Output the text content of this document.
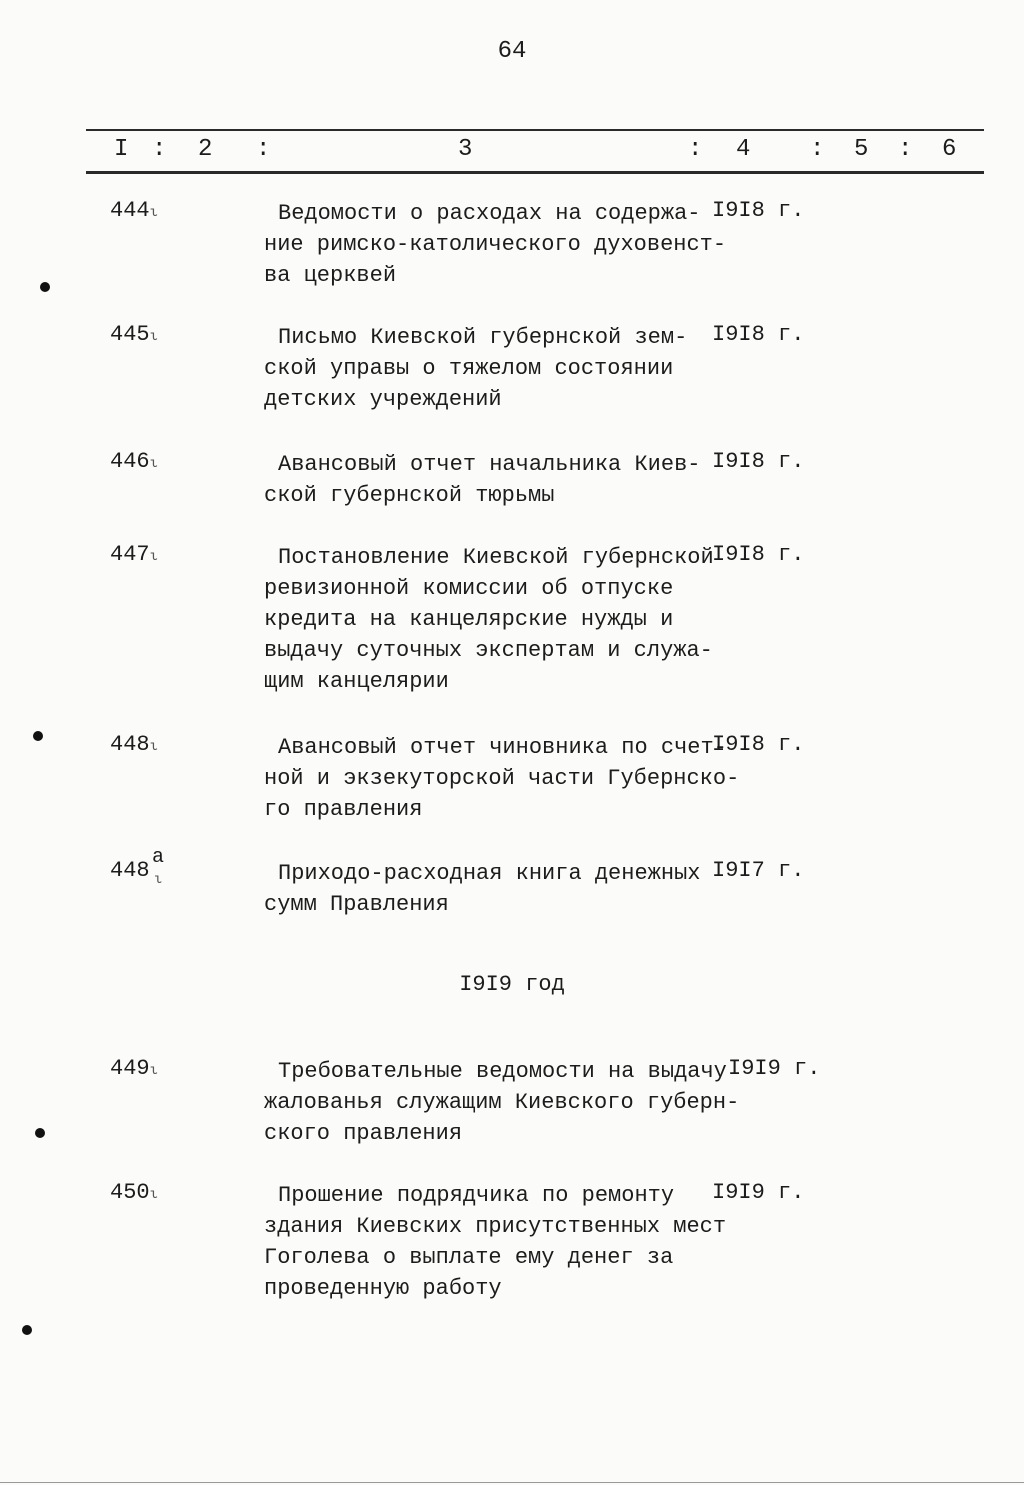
64
I : 2 :	3	: 4 : 5 : 6
444ι	Ведомости о расходах на содержа-
ние римско-католического духовенст-
ва церквей
I9I8 г.
445ι	Письмо Киевской губернской зем-
ской управы о тяжелом состоянии
детских учреждений
I9I8 г.
446ι	Авансовый отчет начальника Киев-
ской губернской тюрьмы
I9I8 г.
447ι	Постановление Киевской губернской
ревизионной комиссии об отпуске
кредита на канцелярские нужды и
выдачу суточных экспертам и служа-
щим канцелярии
I9I8 г.
448ι	Авансовый отчет чиновника по счет-
ной и экзекуторской части Губернско-
го правления
I9I8 г.
448
а
ι	Приходо-расходная книга денежных
сумм Правления
I9I7 г.
I9I9 год
449ι	Требовательные ведомости на выдачу
жалованья служащим Киевского губерн-
ского правления
I9I9 г.
450ι	Прошение подрядчика по ремонту
здания Киевских присутственных мест
Гоголева о выплате ему денег за
проведенную работу
I9I9 г.
